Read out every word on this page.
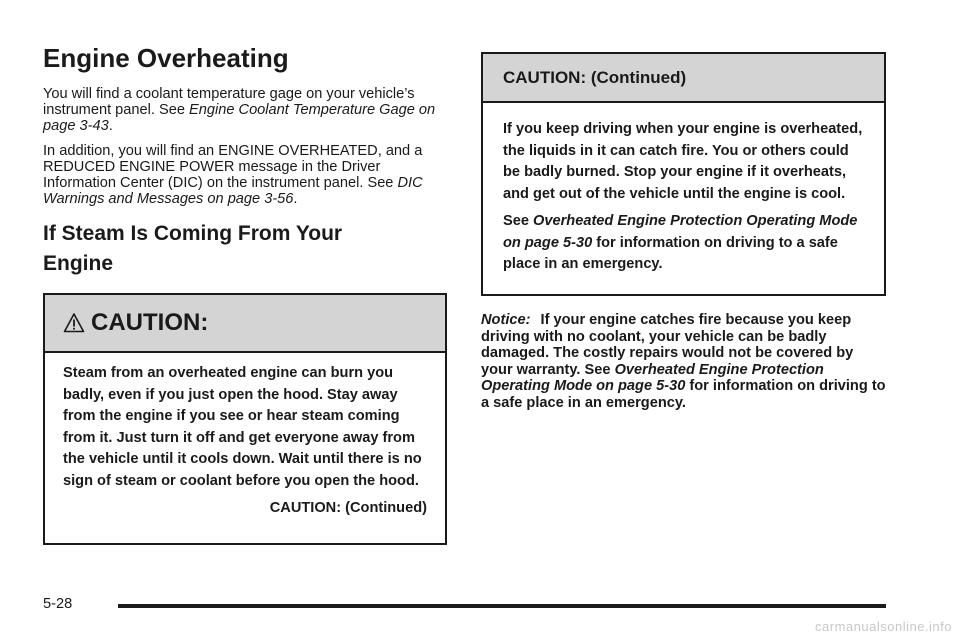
Engine Overheating

You will find a coolant temperature gage on your vehicle’s instrument panel. See Engine Coolant Temperature Gage on page 3-43.

In addition, you will find an ENGINE OVERHEATED, and a REDUCED ENGINE POWER message in the Driver Information Center (DIC) on the instrument panel. See DIC Warnings and Messages on page 3-56.

If Steam Is Coming From Your Engine
CAUTION:

Steam from an overheated engine can burn you badly, even if you just open the hood. Stay away from the engine if you see or hear steam coming from it. Just turn it off and get everyone away from the vehicle until it cools down. Wait until there is no sign of steam or coolant before you open the hood.

CAUTION: (Continued)
CAUTION: (Continued)

If you keep driving when your engine is overheated, the liquids in it can catch fire. You or others could be badly burned. Stop your engine if it overheats, and get out of the vehicle until the engine is cool.

See Overheated Engine Protection Operating Mode on page 5-30 for information on driving to a safe place in an emergency.

Notice: If your engine catches fire because you keep driving with no coolant, your vehicle can be badly damaged. The costly repairs would not be covered by your warranty. See Overheated Engine Protection Operating Mode on page 5-30 for information on driving to a safe place in an emergency.
5-28
carmanualsonline.info
